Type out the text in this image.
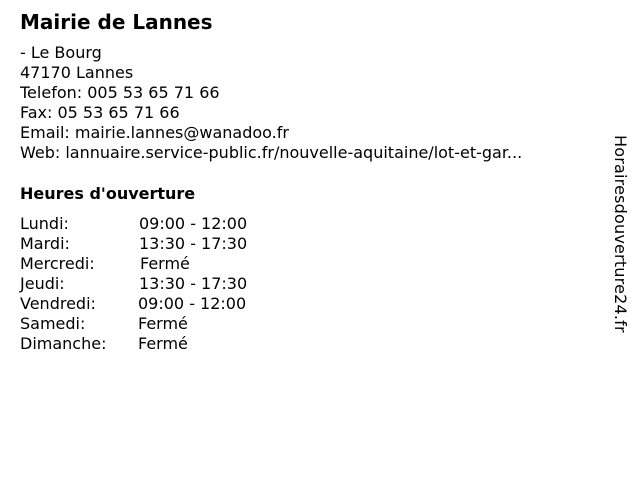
Mairie de Lannes
- Le Bourg
47170 Lannes
Telefon: 005 53 65 71 66
Fax: 05 53 65 71 66
Email: mairie.lannes@wanadoo.fr
Web: lannuaire.service-public.fr/nouvelle-aquitaine/lot-et-gar...
Heures d'ouverture
Lundi:	09:00 - 12:00
Mardi:	13:30 - 17:30
Mercredi:	Fermé
Jeudi:	13:30 - 17:30
Vendredi:	09:00 - 12:00
Samedi:	Fermé
Dimanche: Fermé
Horairesdouverture24.fr
